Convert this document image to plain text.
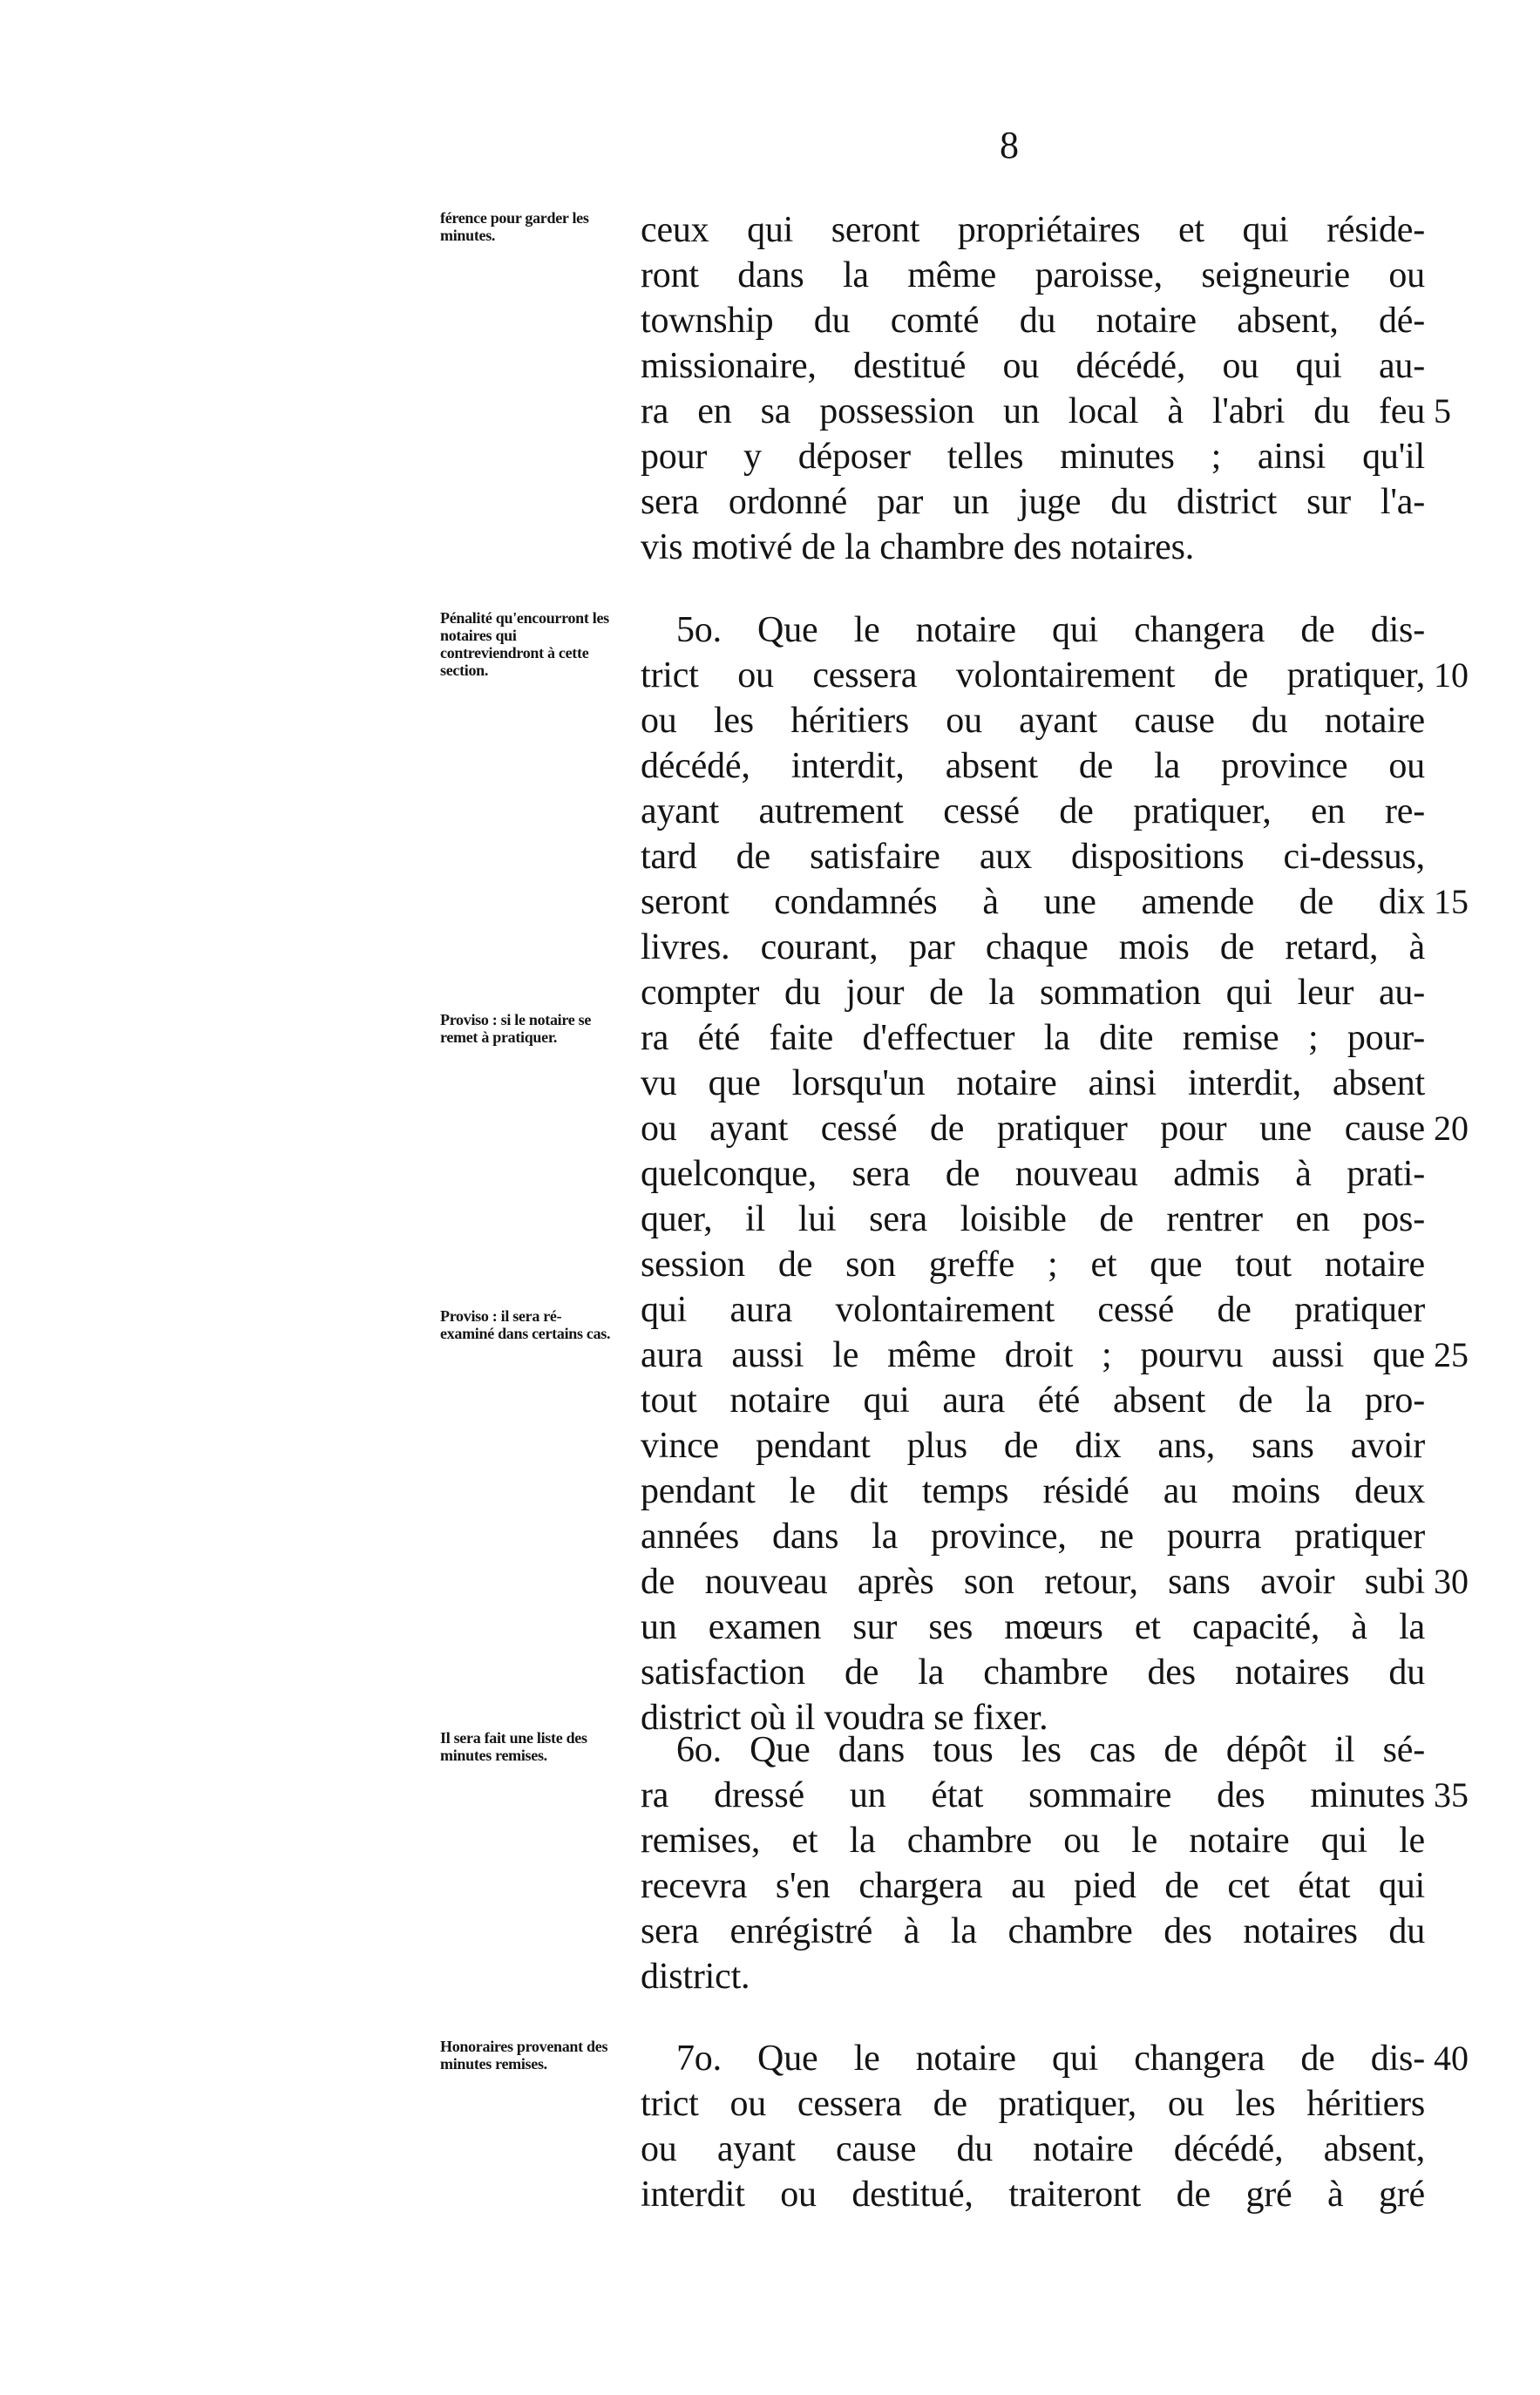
8
férence pour garder les minutes.	ceux qui seront propriétaires et qui réside-
ront dans la même paroisse, seigneurie ou
township du comté du notaire absent, dé-
missionaire, destitué ou décédé, ou qui au-
ra en sa possession un local à l'abri du feu 5
pour y déposer telles minutes ; ainsi qu'il
sera ordonné par un juge du district sur l'a-
vis motivé de la chambre des notaires.
Pénalité qu'encourront les notaires qui contreviendront à cette section.
5o. Que le notaire qui changera de dis-
trict ou cessera volontairement de pratiquer, 10
ou les héritiers ou ayant cause du notaire
décédé, interdit, absent de la province ou
ayant autrement cessé de pratiquer, en re-
tard de satisfaire aux dispositions ci-dessus,
seront condamnés à une amende de dix 15
livres. courant, par chaque mois de retard, à
compter du jour de la sommation qui leur au-
ra été faite d'effectuer la dite remise ; pour-
vu que lorsqu'un notaire ainsi interdit, absent
ou ayant cessé de pratiquer pour une cause 20
quelconque, sera de nouveau admis à prati-
quer, il lui sera loisible de rentrer en pos-
session de son greffe ; et que tout notaire
qui aura volontairement cessé de pratiquer
aura aussi le même droit ; pourvu aussi que 25
tout notaire qui aura été absent de la pro-
vince pendant plus de dix ans, sans avoir
pendant le dit temps résidé au moins deux
années dans la province, ne pourra pratiquer
de nouveau après son retour, sans avoir subi 30
un examen sur ses mœurs et capacité, à la
satisfaction de la chambre des notaires du
district où il voudra se fixer.
Il sera fait une liste des minutes remises.	6o. Que dans tous les cas de dépôt il sé-
ra dressé un état sommaire des minutes 35
remises, et la chambre ou le notaire qui le
recevra s'en chargera au pied de cet état qui
sera enrégistré à la chambre des notaires du
district.
Honoraires provenant des minutes remises.	7o. Que le notaire qui changera de dis- 40
trict ou cessera de pratiquer, ou les héritiers
ou ayant cause du notaire décédé, absent,
interdit ou destitué, traiteront de gré à gré
Proviso : si le notaire se remet à pratiquer.
Proviso : il sera ré-examiné dans certains cas.
